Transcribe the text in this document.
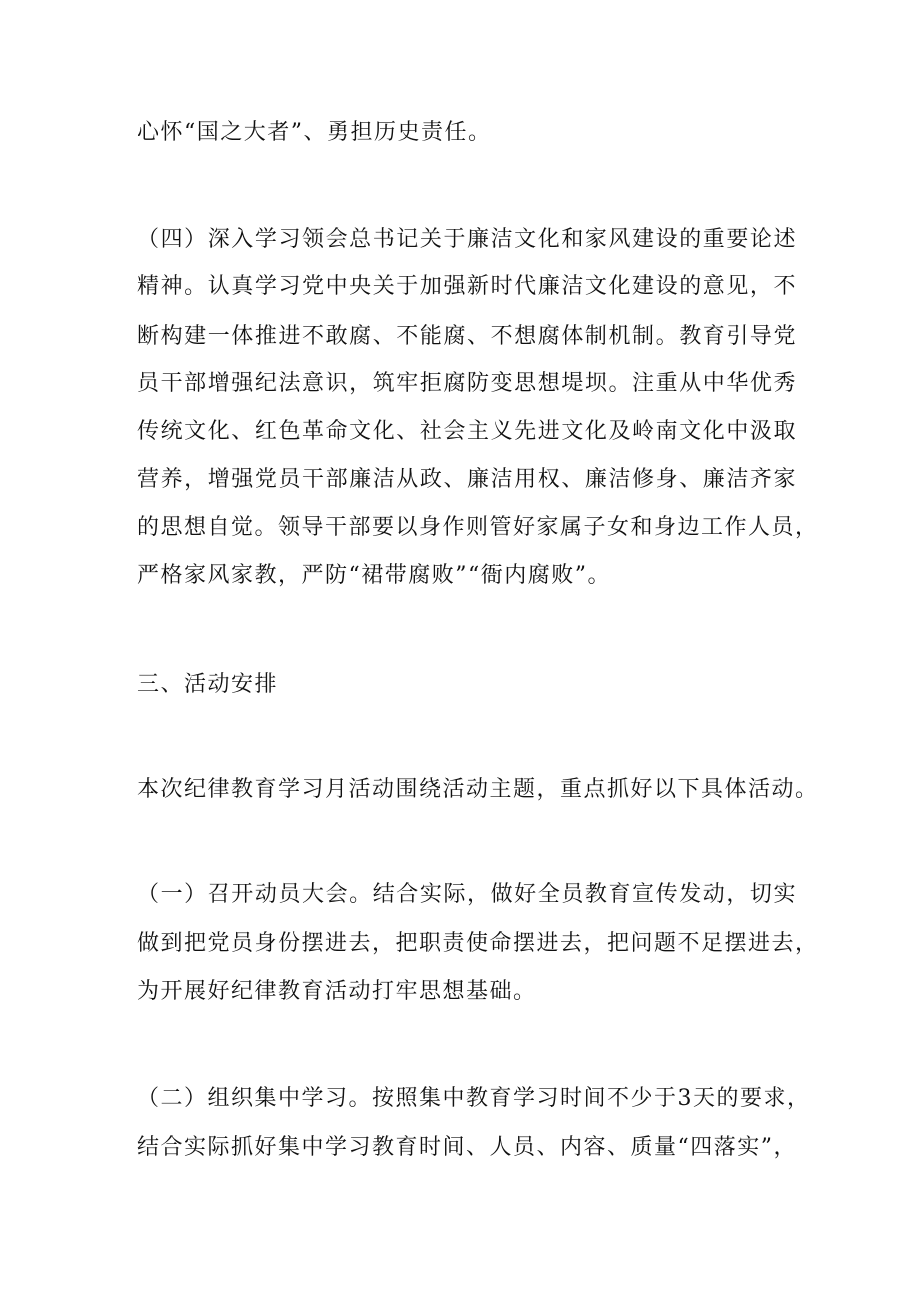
心怀“国之大者”、勇担历史责任。
（四）深入学习领会总书记关于廉洁文化和家风建设的重要论述
精神。认真学习党中央关于加强新时代廉洁文化建设的意见，不
断构建一体推进不敢腐、不能腐、不想腐体制机制。教育引导党
员干部增强纪法意识，筑牢拒腐防变思想堤坝。注重从中华优秀
传统文化、红色革命文化、社会主义先进文化及岭南文化中汲取
营养，增强党员干部廉洁从政、廉洁用权、廉洁修身、廉洁齐家
的思想自觉。领导干部要以身作则管好家属子女和身边工作人员，
严格家风家教，严防“裙带腐败”“衙内腐败”。
三、活动安排
本次纪律教育学习月活动围绕活动主题，重点抓好以下具体活动。
（一）召开动员大会。结合实际，做好全员教育宣传发动，切实
做到把党员身份摆进去，把职责使命摆进去，把问题不足摆进去，
为开展好纪律教育活动打牢思想基础。
（二）组织集中学习。按照集中教育学习时间不少于3天的要求，
结合实际抓好集中学习教育时间、人员、内容、质量“四落实”，
